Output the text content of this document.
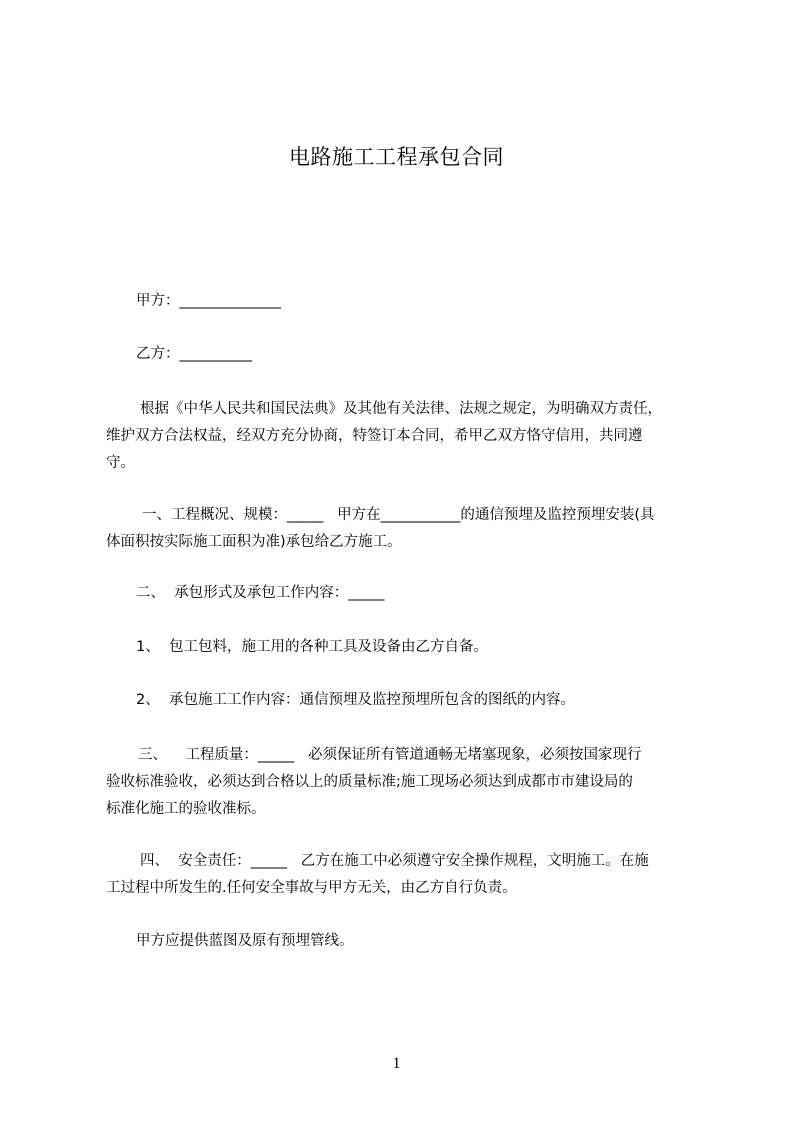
电路施工工程承包合同
甲方：______________
乙方：__________
根据《中华人民共和国民法典》及其他有关法律、法规之规定，为明确双方责任，
维护双方合法权益，经双方充分协商，特签订本合同，希甲乙双方恪守信用，共同遵
守。
一、工程概况、规模：_____   甲方在___________的通信预埋及监控预埋安装(具
体面积按实际施工面积为准)承包给乙方施工。
二、  承包形式及承包工作内容：_____
1、  包工包料，施工用的各种工具及设备由乙方自备。
2、  承包施工工作内容：通信预埋及监控预埋所包含的图纸的内容。
三、    工程质量：_____   必须保证所有管道通畅无堵塞现象，必须按国家现行
验收标准验收，必须达到合格以上的质量标准;施工现场必须达到成都市市建设局的
标准化施工的验收准标。
四、  安全责任：_____   乙方在施工中必须遵守安全操作规程，文明施工。在施
工过程中所发生的.任何安全事故与甲方无关，由乙方自行负责。
甲方应提供蓝图及原有预埋管线。
1
